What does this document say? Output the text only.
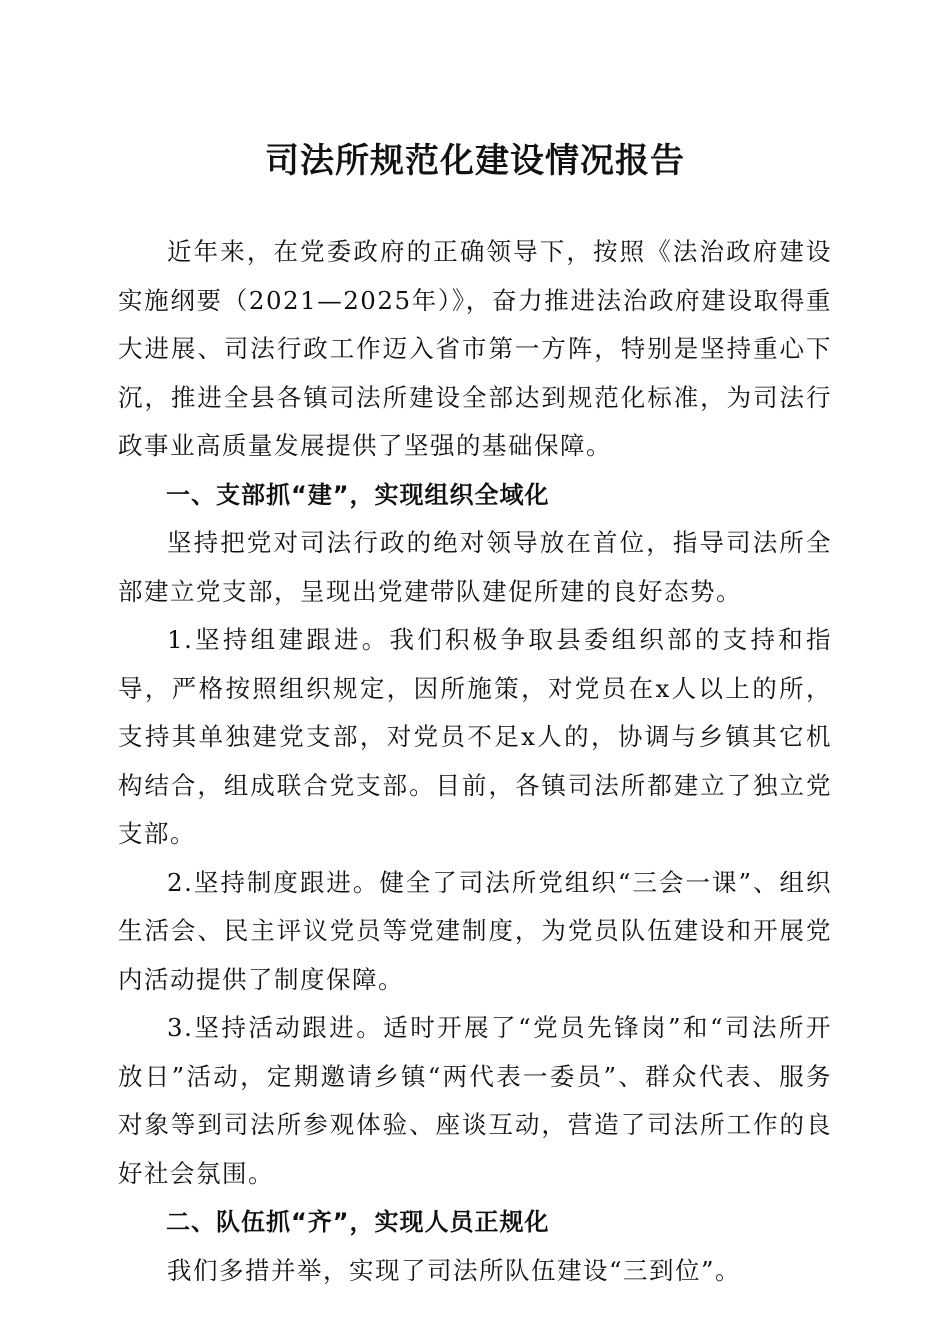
司法所规范化建设情况报告

近年来，在党委政府的正确领导下，按照《法治政府建设实施纲要（2021—2025年）》，奋力推进法治政府建设取得重大进展、司法行政工作迈入省市第一方阵，特别是坚持重心下沉，推进全县各镇司法所建设全部达到规范化标准，为司法行政事业高质量发展提供了坚强的基础保障。

一、支部抓“建”，实现组织全域化

坚持把党对司法行政的绝对领导放在首位，指导司法所全部建立党支部，呈现出党建带队建促所建的良好态势。

1.坚持组建跟进。我们积极争取县委组织部的支持和指导，严格按照组织规定，因所施策，对党员在x人以上的所，支持其单独建党支部，对党员不足x人的，协调与乡镇其它机构结合，组成联合党支部。目前，各镇司法所都建立了独立党支部。

2.坚持制度跟进。健全了司法所党组织“三会一课”、组织生活会、民主评议党员等党建制度，为党员队伍建设和开展党内活动提供了制度保障。

3.坚持活动跟进。适时开展了“党员先锋岗”和“司法所开放日”活动，定期邀请乡镇“两代表一委员”、群众代表、服务对象等到司法所参观体验、座谈互动，营造了司法所工作的良好社会氛围。

二、队伍抓“齐”，实现人员正规化

我们多措并举，实现了司法所队伍建设“三到位”。
